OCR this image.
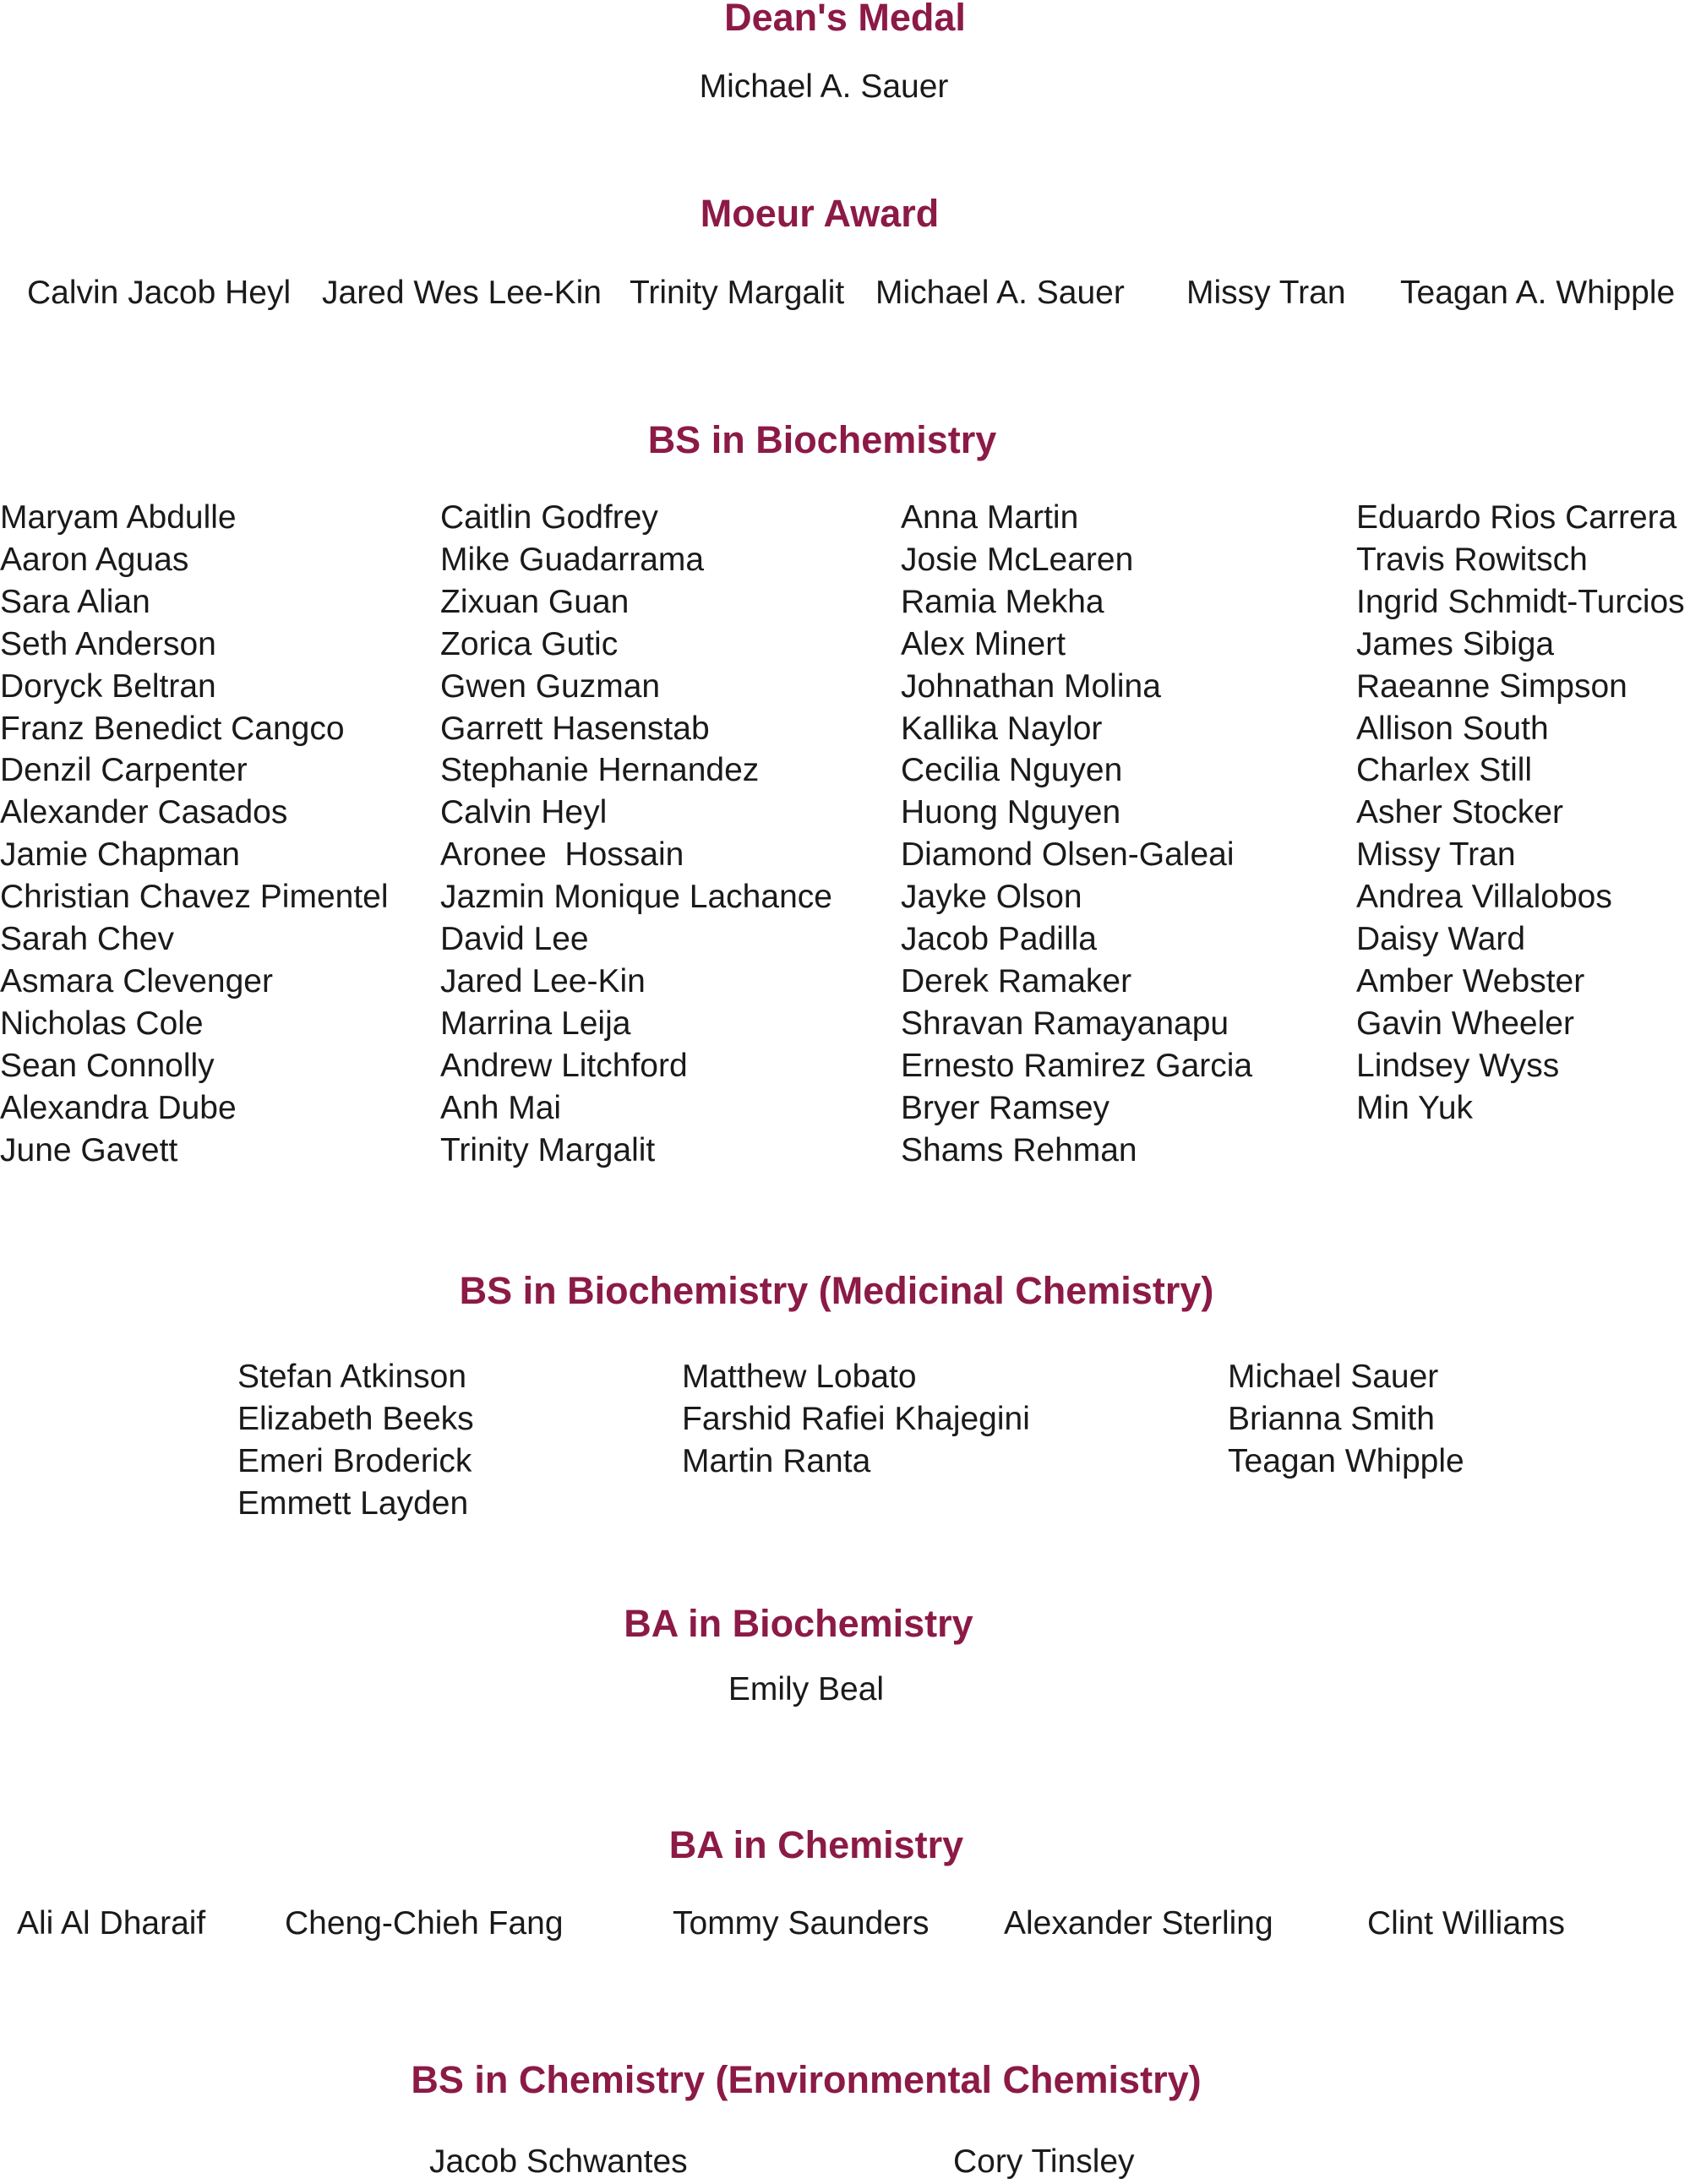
Dean's Medal
Michael A. Sauer
Moeur Award
Calvin Jacob Heyl Jared Wes Lee-Kin Trinity Margalit Michael A. Sauer Missy Tran Teagan A. Whipple
BS in Biochemistry
Maryam Abdulle
Aaron Aguas
Sara Alian
Seth Anderson
Doryck Beltran
Franz Benedict Cangco
Denzil Carpenter
Alexander Casados
Jamie Chapman
Christian Chavez Pimentel
Sarah Chev
Asmara Clevenger
Nicholas Cole
Sean Connolly
Alexandra Dube
June Gavett
Caitlin Godfrey
Mike Guadarrama
Zixuan Guan
Zorica Gutic
Gwen Guzman
Garrett Hasenstab
Stephanie Hernandez
Calvin Heyl
Aronee  Hossain
Jazmin Monique Lachance
David Lee
Jared Lee-Kin
Marrina Leija
Andrew Litchford
Anh Mai
Trinity Margalit
Anna Martin
Josie McLearen
Ramia Mekha
Alex Minert
Johnathan Molina
Kallika Naylor
Cecilia Nguyen
Huong Nguyen
Diamond Olsen-Galeai
Jayke Olson
Jacob Padilla
Derek Ramaker
Shravan Ramayanapu
Ernesto Ramirez Garcia
Bryer Ramsey
Shams Rehman
Eduardo Rios Carrera
Travis Rowitsch
Ingrid Schmidt-Turcios
James Sibiga
Raeanne Simpson
Allison South
Charlex Still
Asher Stocker
Missy Tran
Andrea Villalobos
Daisy Ward
Amber Webster
Gavin Wheeler
Lindsey Wyss
Min Yuk
BS in Biochemistry (Medicinal Chemistry)
Stefan Atkinson
Elizabeth Beeks
Emeri Broderick
Emmett Layden
Matthew Lobato
Farshid Rafiei Khajegini
Martin Ranta
Michael Sauer
Brianna Smith
Teagan Whipple
BA in Biochemistry
Emily Beal
BA in Chemistry
Ali Al Dharaif Cheng-Chieh Fang	Tommy Saunders Alexander Sterling	Clint Williams
BS in Chemistry (Environmental Chemistry)
Jacob Schwantes	Cory Tinsley
